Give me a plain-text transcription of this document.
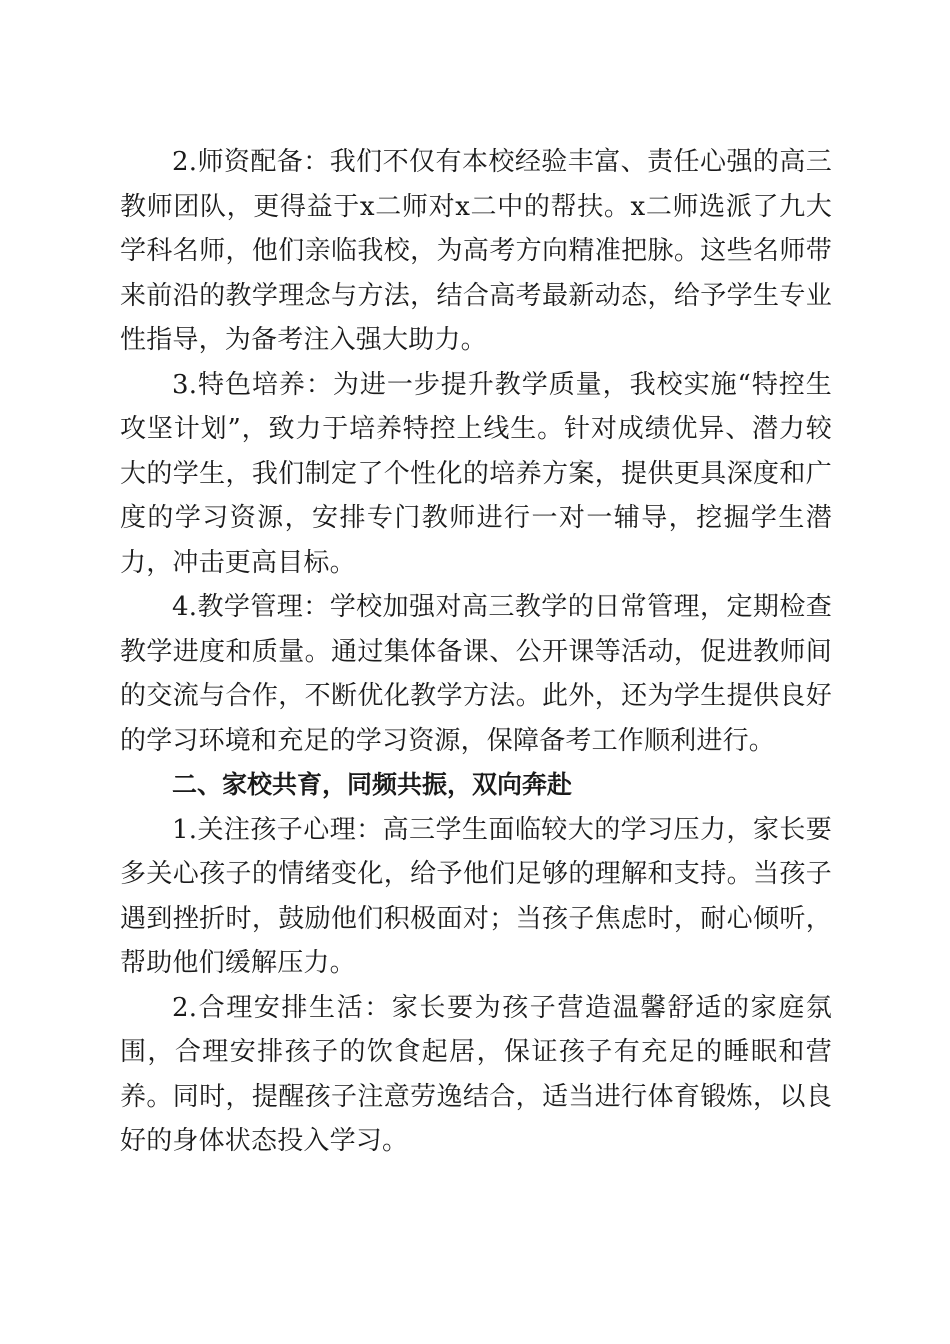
2.师资配备：我们不仅有本校经验丰富、责任心强的高三教师团队，更得益于x二师对x二中的帮扶。x二师选派了九大学科名师，他们亲临我校，为高考方向精准把脉。这些名师带来前沿的教学理念与方法，结合高考最新动态，给予学生专业性指导，为备考注入强大助力。

3.特色培养：为进一步提升教学质量，我校实施“特控生攻坚计划”，致力于培养特控上线生。针对成绩优异、潜力较大的学生，我们制定了个性化的培养方案，提供更具深度和广度的学习资源，安排专门教师进行一对一辅导，挖掘学生潜力，冲击更高目标。

4.教学管理：学校加强对高三教学的日常管理，定期检查教学进度和质量。通过集体备课、公开课等活动，促进教师间的交流与合作，不断优化教学方法。此外，还为学生提供良好的学习环境和充足的学习资源，保障备考工作顺利进行。

二、家校共育，同频共振，双向奔赴

1.关注孩子心理：高三学生面临较大的学习压力，家长要多关心孩子的情绪变化，给予他们足够的理解和支持。当孩子遇到挫折时，鼓励他们积极面对；当孩子焦虑时，耐心倾听，帮助他们缓解压力。

2.合理安排生活：家长要为孩子营造温馨舒适的家庭氛围，合理安排孩子的饮食起居，保证孩子有充足的睡眠和营养。同时，提醒孩子注意劳逸结合，适当进行体育锻炼，以良好的身体状态投入学习。
